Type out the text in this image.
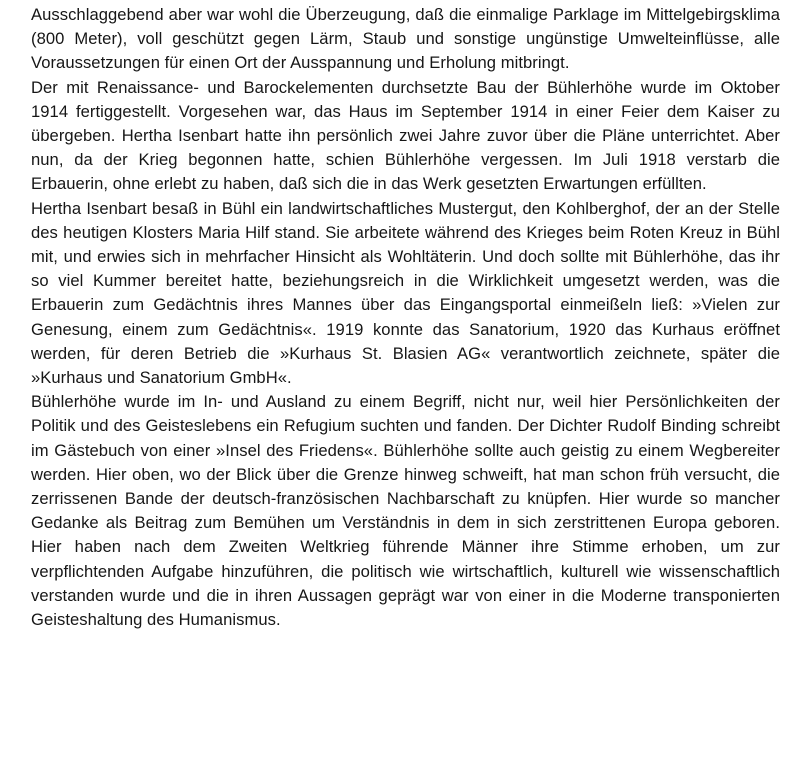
Ausschlaggebend aber war wohl die Überzeugung, daß die einmalige Parklage im Mittelgebirgsklima (800 Meter), voll geschützt gegen Lärm, Staub und sonstige ungünstige Umwelteinflüsse, alle Voraussetzungen für einen Ort der Ausspannung und Erholung mitbringt.

Der mit Renaissance- und Barockelementen durchsetzte Bau der Bühlerhöhe wurde im Oktober 1914 fertiggestellt. Vorgesehen war, das Haus im September 1914 in einer Feier dem Kaiser zu übergeben. Hertha Isenbart hatte ihn persönlich zwei Jahre zuvor über die Pläne unterrichtet. Aber nun, da der Krieg begonnen hatte, schien Bühlerhöhe vergessen. Im Juli 1918 verstarb die Erbauerin, ohne erlebt zu haben, daß sich die in das Werk gesetzten Erwartungen erfüllten.

Hertha Isenbart besaß in Bühl ein landwirtschaftliches Mustergut, den Kohlberghof, der an der Stelle des heutigen Klosters Maria Hilf stand. Sie arbeitete während des Krieges beim Roten Kreuz in Bühl mit, und erwies sich in mehrfacher Hinsicht als Wohltäterin. Und doch sollte mit Bühlerhöhe, das ihr so viel Kummer bereitet hatte, beziehungsreich in die Wirklichkeit umgesetzt werden, was die Erbauerin zum Gedächtnis ihres Mannes über das Eingangsportal einmeißeln ließ: »Vielen zur Genesung, einem zum Gedächtnis«. 1919 konnte das Sanatorium, 1920 das Kurhaus eröffnet werden, für deren Betrieb die »Kurhaus St. Blasien AG« verantwortlich zeichnete, später die »Kurhaus und Sanatorium GmbH«.

Bühlerhöhe wurde im In- und Ausland zu einem Begriff, nicht nur, weil hier Persönlichkeiten der Politik und des Geisteslebens ein Refugium suchten und fanden. Der Dichter Rudolf Binding schreibt im Gästebuch von einer »Insel des Friedens«. Bühlerhöhe sollte auch geistig zu einem Wegbereiter werden. Hier oben, wo der Blick über die Grenze hinweg schweift, hat man schon früh versucht, die zerrissenen Bande der deutsch-französischen Nachbarschaft zu knüpfen. Hier wurde so mancher Gedanke als Beitrag zum Bemühen um Verständnis in dem in sich zerstrittenen Europa geboren. Hier haben nach dem Zweiten Weltkrieg führende Männer ihre Stimme erhoben, um zur verpflichtenden Aufgabe hinzuführen, die politisch wie wirtschaftlich, kulturell wie wissenschaftlich verstanden wurde und die in ihren Aussagen geprägt war von einer in die Moderne transponierten Geisteshaltung des Humanismus.
